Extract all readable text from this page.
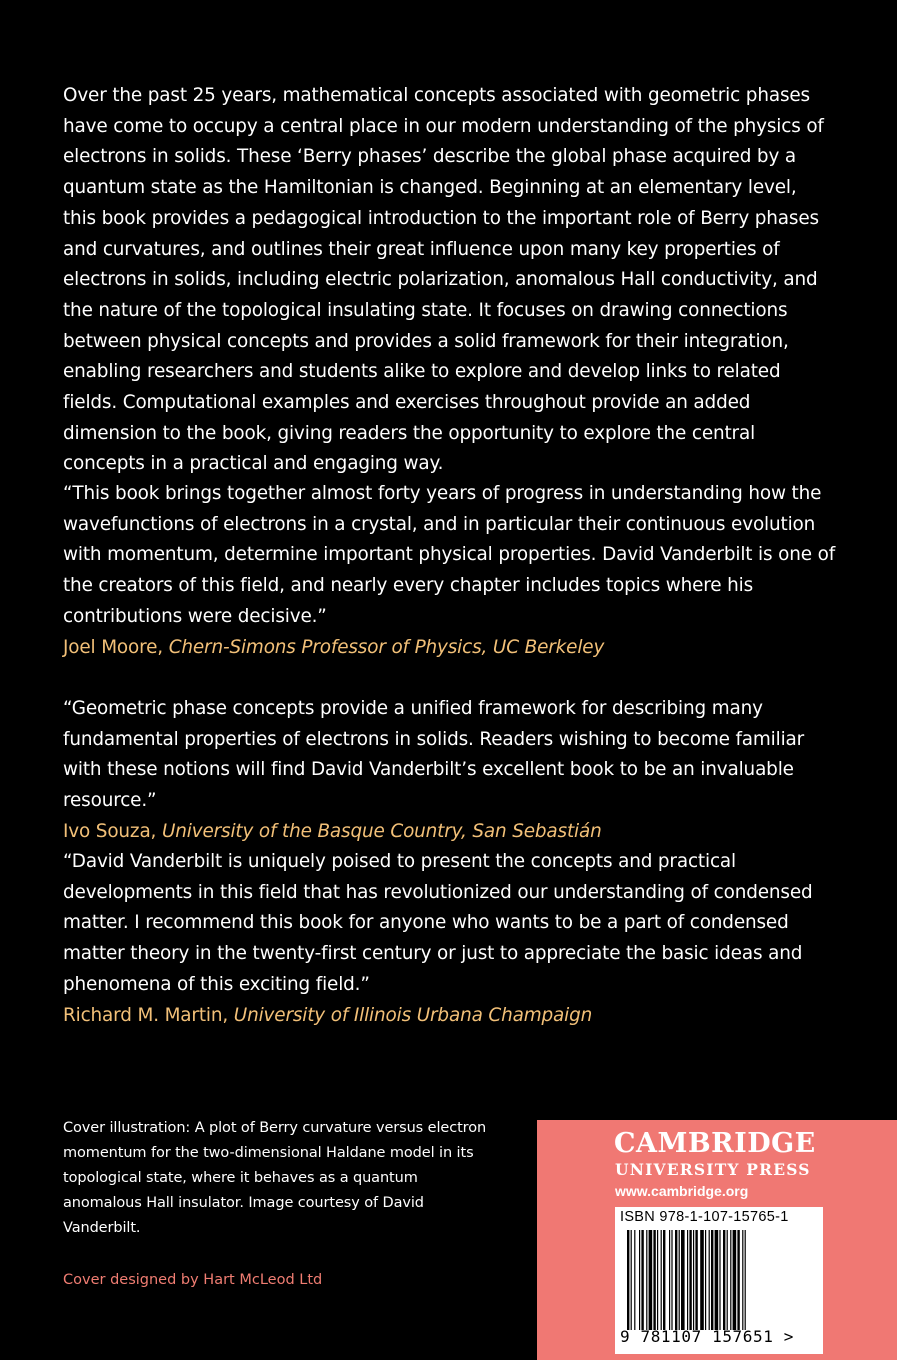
Over the past 25 years, mathematical concepts associated with geometric phases have come to occupy a central place in our modern understanding of the physics of electrons in solids. These ‘Berry phases’ describe the global phase acquired by a quantum state as the Hamiltonian is changed. Beginning at an elementary level, this book provides a pedagogical introduction to the important role of Berry phases and curvatures, and outlines their great influence upon many key properties of electrons in solids, including electric polarization, anomalous Hall conductivity, and the nature of the topological insulating state. It focuses on drawing connections between physical concepts and provides a solid framework for their integration, enabling researchers and students alike to explore and develop links to related fields. Computational examples and exercises throughout provide an added dimension to the book, giving readers the opportunity to explore the central concepts in a practical and engaging way.

“This book brings together almost forty years of progress in understanding how the wavefunctions of electrons in a crystal, and in particular their continuous evolution with momentum, determine important physical properties. David Vanderbilt is one of the creators of this field, and nearly every chapter includes topics where his contributions were decisive.”
Joel Moore, Chern-Simons Professor of Physics, UC Berkeley

“Geometric phase concepts provide a unified framework for describing many fundamental properties of electrons in solids. Readers wishing to become familiar with these notions will find David Vanderbilt’s excellent book to be an invaluable resource.”
Ivo Souza, University of the Basque Country, San Sebastián

“David Vanderbilt is uniquely poised to present the concepts and practical developments in this field that has revolutionized our understanding of condensed matter. I recommend this book for anyone who wants to be a part of condensed matter theory in the twenty-first century or just to appreciate the basic ideas and phenomena of this exciting field.”
Richard M. Martin, University of Illinois Urbana Champaign

Cover illustration: A plot of Berry curvature versus electron momentum for the two-dimensional Haldane model in its topological state, where it behaves as a quantum anomalous Hall insulator. Image courtesy of David Vanderbilt.

Cover designed by Hart McLeod Ltd

CAMBRIDGE

UNIVERSITY PRESS

www.cambridge.org

ISBN 978-1-107-15765-1

9 781107 157651 >
